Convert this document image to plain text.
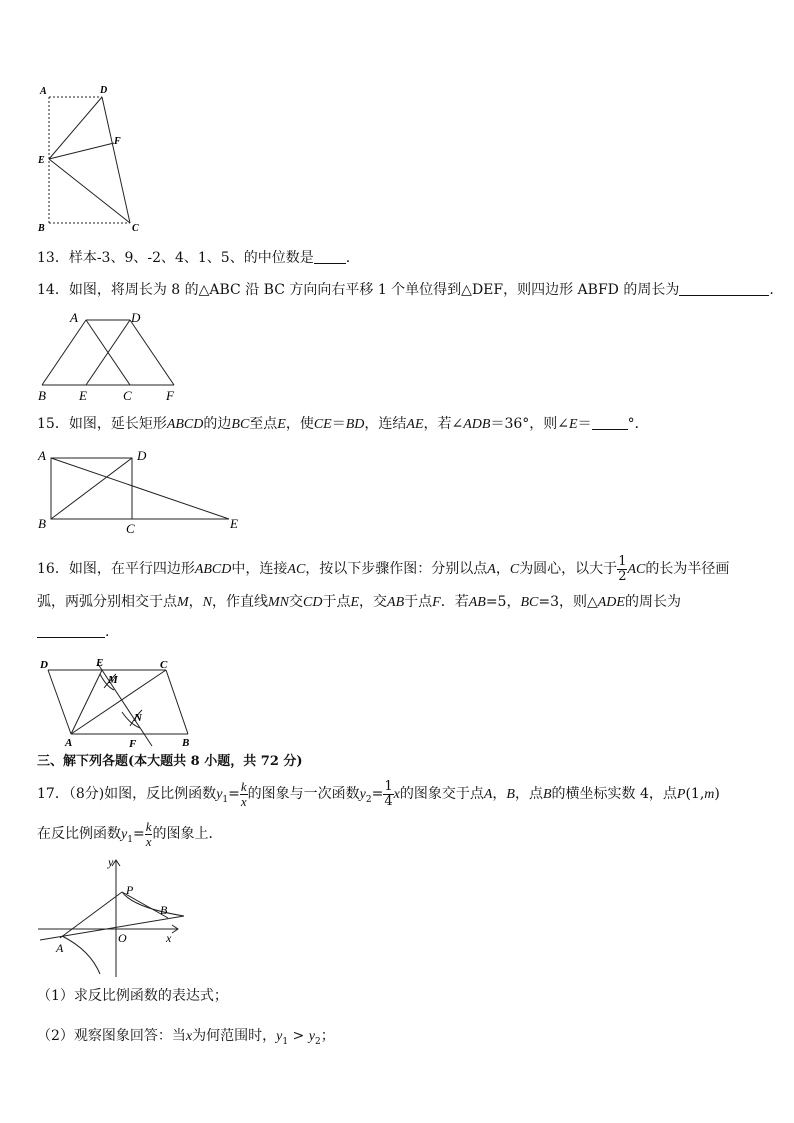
A	D
E
F
B	C
13．样本-3、9、-2、4、1、5、的中位数是 .
14．如图，将周长为 8 的△ABC 沿 BC 方向向右平移 1 个单位得到△DEF，则四边形 ABFD 的周长为	.
A	D
B	E	C	F
15．如图，延长矩形ABCD的边BC至点E，使CE＝BD，连结AE，若∠ADB＝36°，则∠E＝	°．
A	D
B	C	E
16．如图，在平行四边形ABCD中，连接AC，按以下步骤作图：分别以点A，C为圆心，以大于 $\frac{1}{2}$ AC的长为半径画
弧，两弧分别相交于点M，N，作直线MN交CD于点E，交AB于点F．若AB=5，BC=3，则△ADE的周长为
.
D	E	C
M
N
A	F	B
三、解下列各题(本大题共 8 小题，共 72 分)
17．（8分)如图，反比例函数$y_1= \frac{k}{x}$ 的图象与一次函数$y_2= \frac{1}{4}$ x的图象交于点A，B，点B的横坐标实数 4，点P(1,m)
在反比例函数$y_1= \frac{k}{x}$ 的图象上．
y
P
B
A
O	x
（1）求反比例函数的表达式；
（2）观察图象回答：当x为何范围时，$y_1 > y_2$；
